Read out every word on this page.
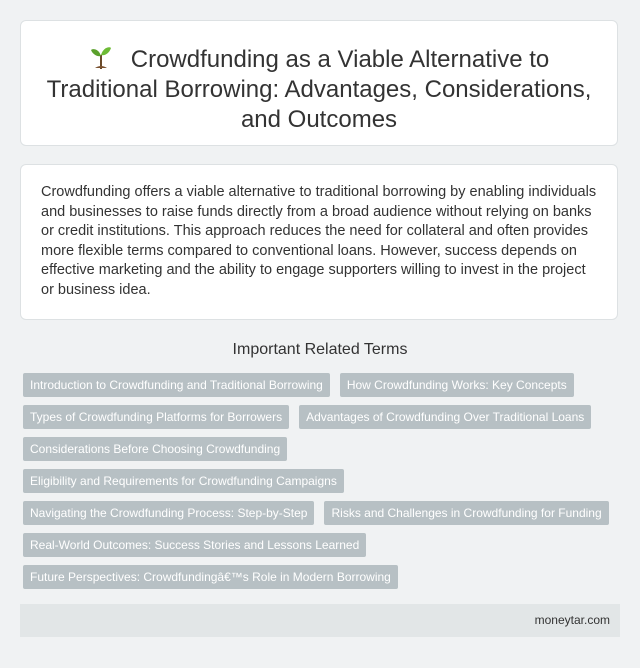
Crowdfunding as a Viable Alternative to Traditional Borrowing: Advantages, Considerations, and Outcomes

Crowdfunding offers a viable alternative to traditional borrowing by enabling individuals and businesses to raise funds directly from a broad audience without relying on banks or credit institutions. This approach reduces the need for collateral and often provides more flexible terms compared to conventional loans. However, success depends on effective marketing and the ability to engage supporters willing to invest in the project or business idea.

Important Related Terms
Introduction to Crowdfunding and Traditional Borrowing	How Crowdfunding Works: Key Concepts
Types of Crowdfunding Platforms for Borrowers	Advantages of Crowdfunding Over Traditional Loans
Considerations Before Choosing Crowdfunding
Eligibility and Requirements for Crowdfunding Campaigns
Navigating the Crowdfunding Process: Step-by-Step	Risks and Challenges in Crowdfunding for Funding
Real-World Outcomes: Success Stories and Lessons Learned
Future Perspectives: Crowdfundingâ€™s Role in Modern Borrowing
moneytar.com
